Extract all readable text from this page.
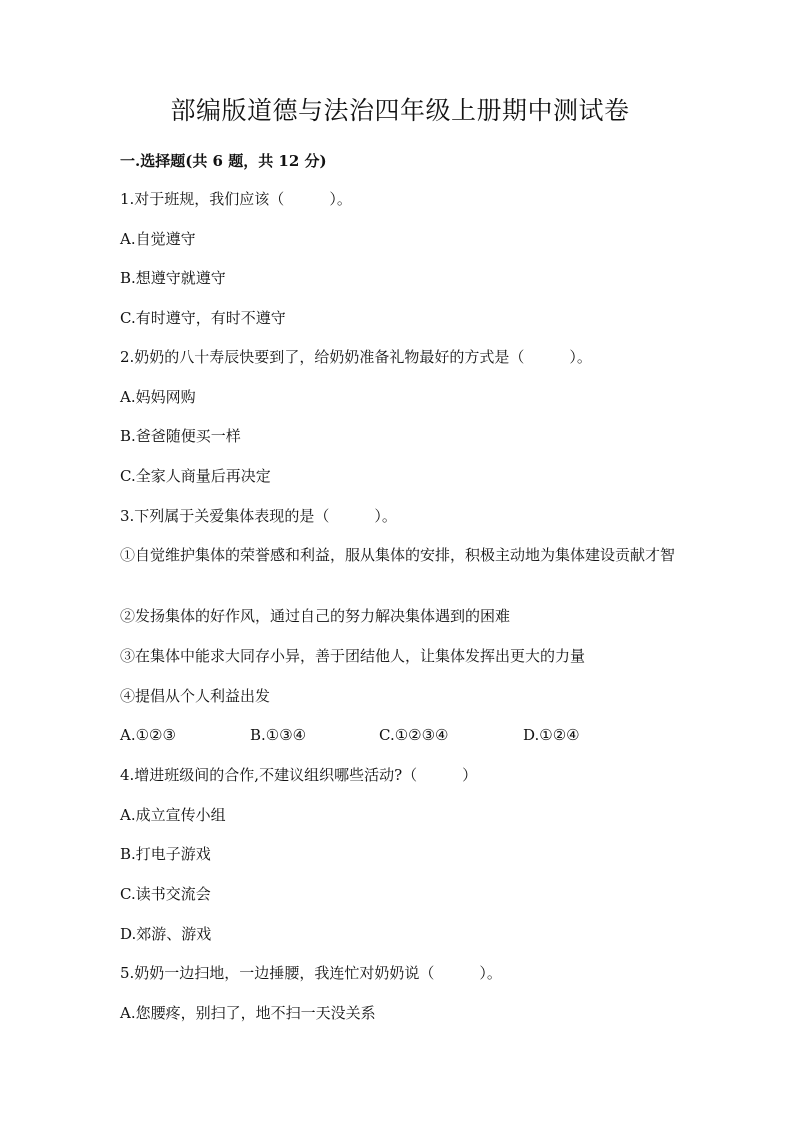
部编版道德与法治四年级上册期中测试卷
一.选择题(共 6 题，共 12 分)
1.对于班规，我们应该（　　　）。
A.自觉遵守
B.想遵守就遵守
C.有时遵守，有时不遵守
2.奶奶的八十寿辰快要到了，给奶奶准备礼物最好的方式是（　　　）。
A.妈妈网购
B.爸爸随便买一样
C.全家人商量后再决定
3.下列属于关爱集体表现的是（　　　）。
①自觉维护集体的荣誉感和利益，服从集体的安排，积极主动地为集体建设贡献才智
②发扬集体的好作风，通过自己的努力解决集体遇到的困难
③在集体中能求大同存小异，善于团结他人，让集体发挥出更大的力量
④提倡从个人利益出发
A.①②③	B.①③④	C.①②③④	D.①②④
4.增进班级间的合作,不建议组织哪些活动?（　　　）
A.成立宣传小组
B.打电子游戏
C.读书交流会
D.郊游、游戏
5.奶奶一边扫地，一边捶腰，我连忙对奶奶说（　　　）。
A.您腰疼，别扫了，地不扫一天没关系
